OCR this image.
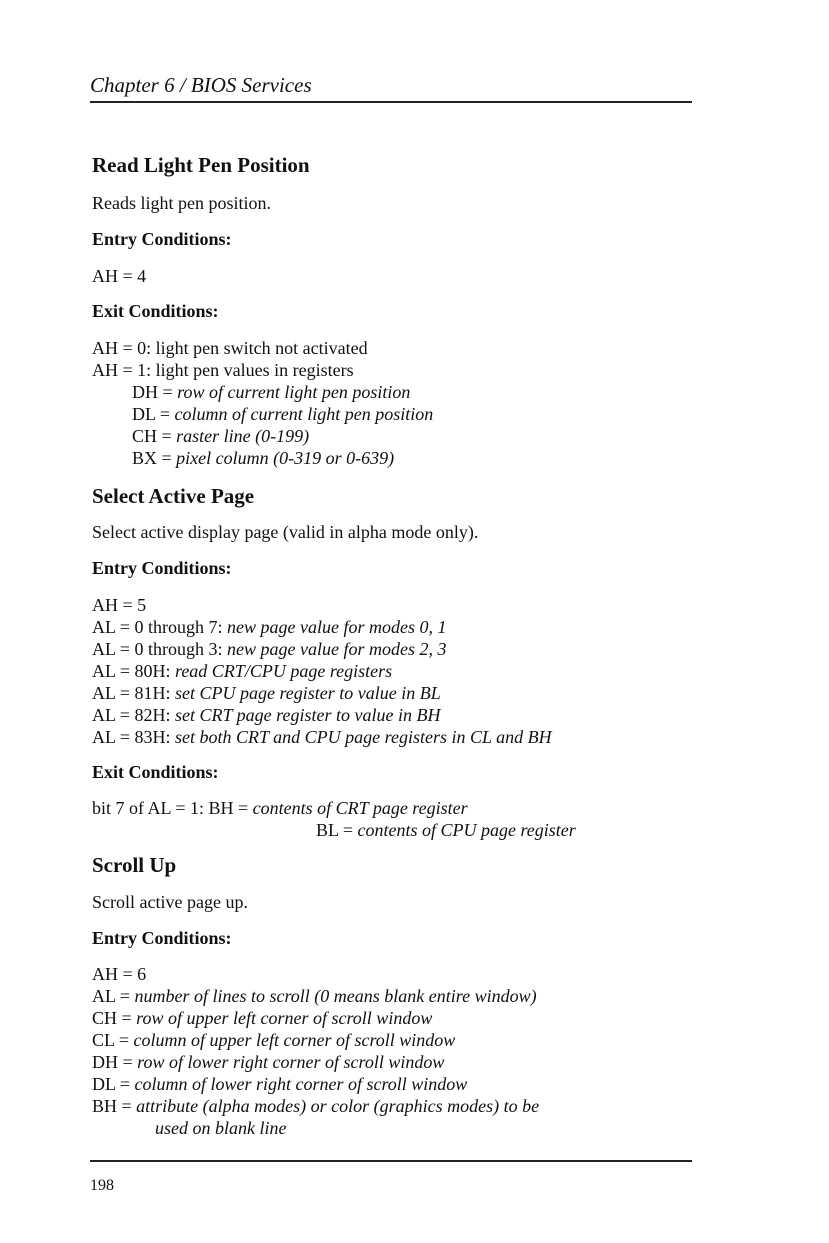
Chapter 6 / BIOS Services
Read Light Pen Position
Reads light pen position.
Entry Conditions:
AH = 4
Exit Conditions:
AH = 0: light pen switch not activated
AH = 1: light pen values in registers
DH = row of current light pen position
DL = column of current light pen position
CH = raster line (0-199)
BX = pixel column (0-319 or 0-639)
Select Active Page
Select active display page (valid in alpha mode only).
Entry Conditions:
AH = 5
AL = 0 through 7: new page value for modes 0, 1
AL = 0 through 3: new page value for modes 2, 3
AL = 80H: read CRT/CPU page registers
AL = 81H: set CPU page register to value in BL
AL = 82H: set CRT page register to value in BH
AL = 83H: set both CRT and CPU page registers in CL and BH
Exit Conditions:
bit 7 of AL = 1: BH = contents of CRT page register
BL = contents of CPU page register
Scroll Up
Scroll active page up.
Entry Conditions:
AH = 6
AL = number of lines to scroll (0 means blank entire window)
CH = row of upper left corner of scroll window
CL = column of upper left corner of scroll window
DH = row of lower right corner of scroll window
DL = column of lower right corner of scroll window
BH = attribute (alpha modes) or color (graphics modes) to be
used on blank line
198
